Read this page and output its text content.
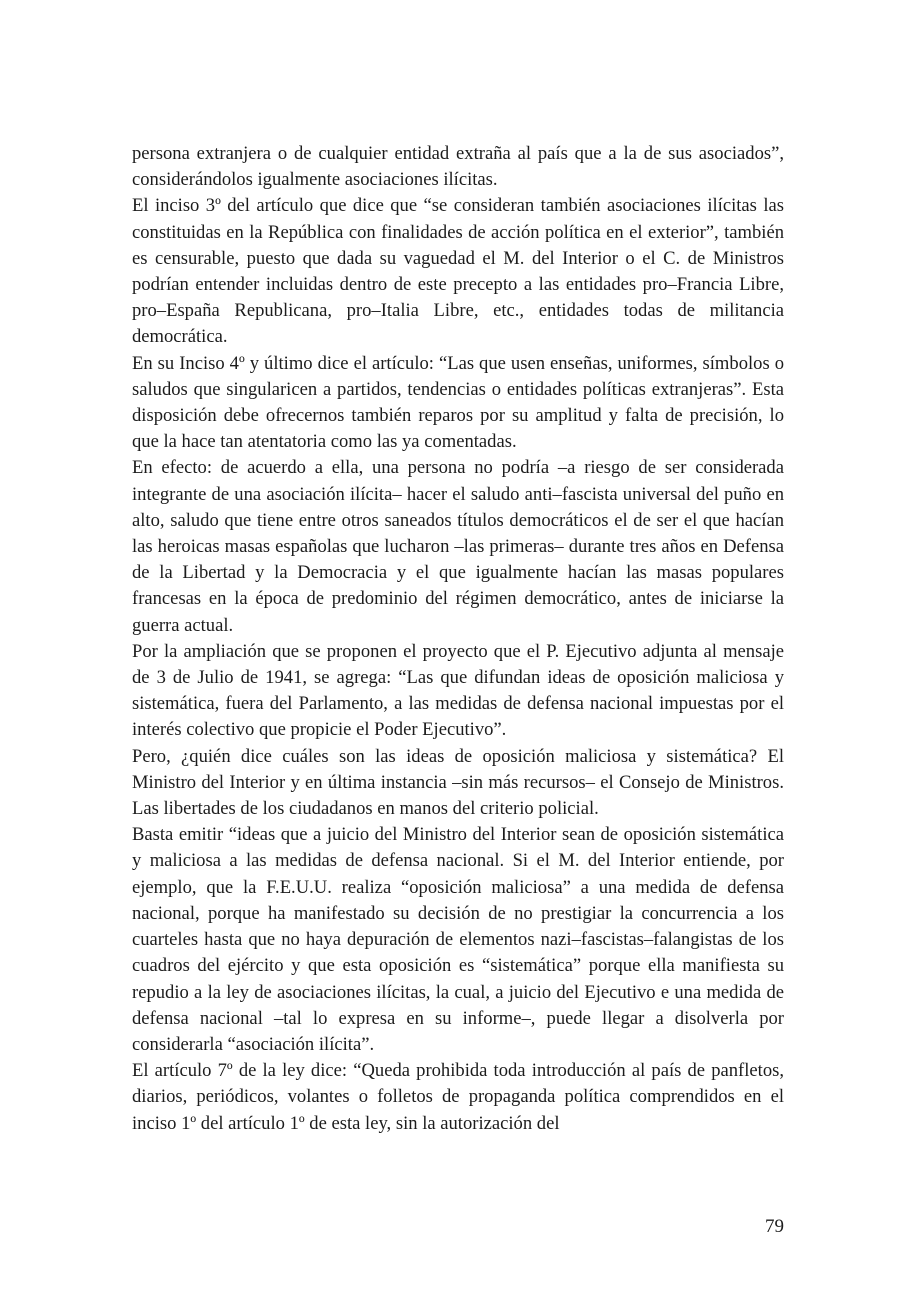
persona extranjera o de cualquier entidad extraña al país que a la de sus asociados”, considerándolos igualmente asociaciones ilícitas.

El inciso 3º del artículo que dice que “se consideran también asociaciones ilícitas las constituidas en la República con finalidades de acción política en el exterior”, también es censurable, puesto que dada su vaguedad el M. del Interior o el C. de Ministros podrían entender incluidas dentro de este precepto a las entidades pro–Francia Libre, pro–España Republicana, pro–Italia Libre, etc., entidades todas de militancia democrática.

En su Inciso 4º y último dice el artículo: “Las que usen enseñas, uniformes, símbolos o saludos que singularicen a partidos, tendencias o entidades políticas extranjeras”. Esta disposición debe ofrecernos también reparos por su amplitud y falta de precisión, lo que la hace tan atentatoria como las ya comentadas.

En efecto: de acuerdo a ella, una persona no podría –a riesgo de ser considerada integrante de una asociación ilícita– hacer el saludo anti–fascista universal del puño en alto, saludo que tiene entre otros saneados títulos democráticos el de ser el que hacían las heroicas masas españolas que lucharon –las primeras– durante tres años en Defensa de la Libertad y la Democracia y el que igualmente hacían las masas populares francesas en la época de predominio del régimen democrático, antes de iniciarse la guerra actual.

Por la ampliación que se proponen el proyecto que el P. Ejecutivo adjunta al mensaje de 3 de Julio de 1941, se agrega: “Las que difundan ideas de oposición maliciosa y sistemática, fuera del Parlamento, a las medidas de defensa nacional impuestas por el interés colectivo que propicie el Poder Ejecutivo”.

Pero, ¿quién dice cuáles son las ideas de oposición maliciosa y sistemática? El Ministro del Interior y en última instancia –sin más recursos– el Consejo de Ministros. Las libertades de los ciudadanos en manos del criterio policial.

Basta emitir “ideas que a juicio del Ministro del Interior sean de oposición sistemática y maliciosa a las medidas de defensa nacional. Si el M. del Interior entiende, por ejemplo, que la F.E.U.U. realiza “oposición maliciosa” a una medida de defensa nacional, porque ha manifestado su decisión de no prestigiar la concurrencia a los cuarteles hasta que no haya depuración de elementos nazi–fascistas–falangistas de los cuadros del ejército y que esta oposición es “sistemática” porque ella manifiesta su repudio a la ley de asociaciones ilícitas, la cual, a juicio del Ejecutivo e una medida de defensa nacional –tal lo expresa en su informe–, puede llegar a disolverla por considerarla “asociación ilícita”.

El artículo 7º de la ley dice: “Queda prohibida toda introducción al país de panfletos, diarios, periódicos, volantes o folletos de propaganda política comprendidos en el inciso 1º del artículo 1º de esta ley, sin la autorización del

79
